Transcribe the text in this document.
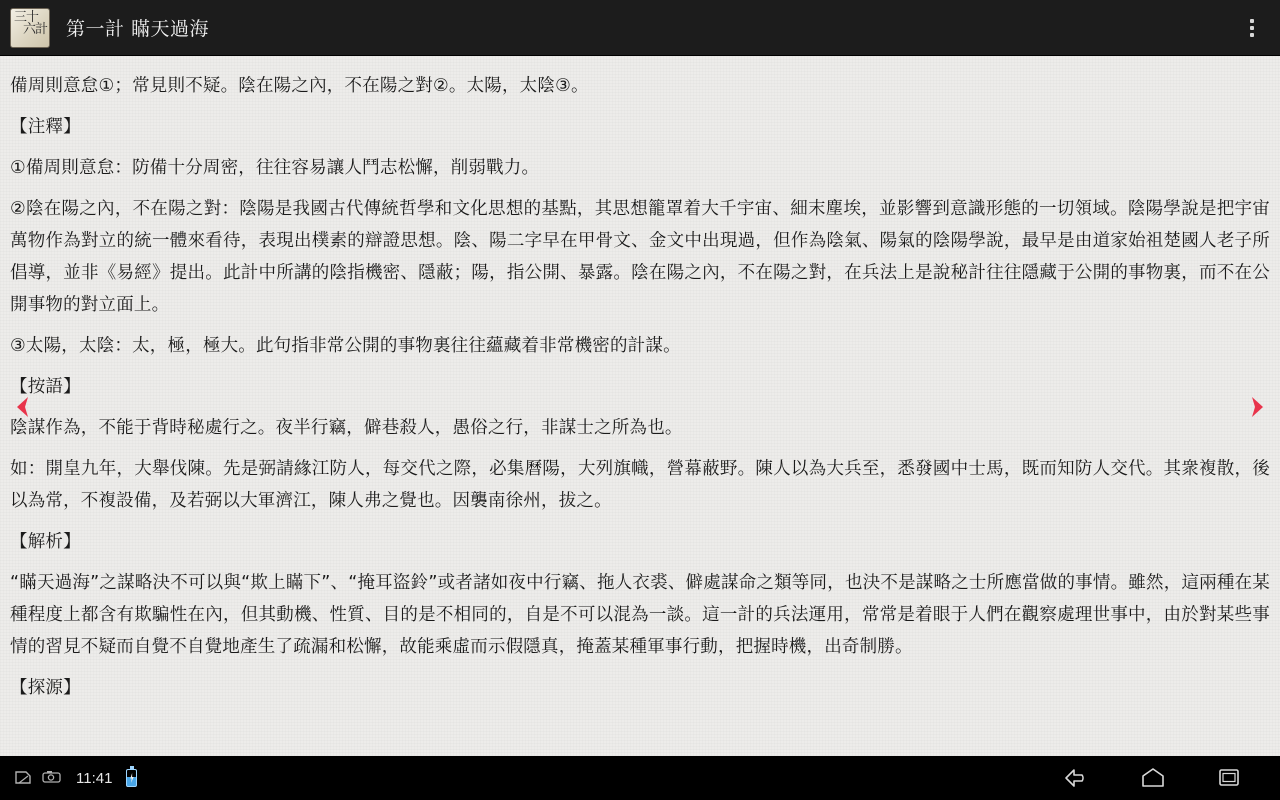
三十
六計 第一計 瞞天過海

備周則意怠①；常見則不疑。陰在陽之內，不在陽之對②。太陽，太陰③。

【注釋】

①備周則意怠：防備十分周密，往往容易讓人鬥志松懈，削弱戰力。

②陰在陽之內，不在陽之對：陰陽是我國古代傳統哲學和文化思想的基點，其思想籠罩着大千宇宙、細末塵埃，並影響到意識形態的一切領域。陰陽學說是把宇宙萬物作為對立的統一體來看待，表現出樸素的辯證思想。陰、陽二字早在甲骨文、金文中出現過，但作為陰氣、陽氣的陰陽學說，最早是由道家始祖楚國人老子所倡導，並非《易經》提出。此計中所講的陰指機密、隱蔽；陽，指公開、暴露。陰在陽之內，不在陽之對，在兵法上是說秘計往往隱藏于公開的事物裏，而不在公開事物的對立面上。

③太陽，太陰：太，極，極大。此句指非常公開的事物裏往往蘊藏着非常機密的計謀。

【按語】

陰謀作為，不能于背時秘處行之。夜半行竊，僻巷殺人，愚俗之行，非謀士之所為也。

如：開皇九年，大舉伐陳。先是弼請緣江防人，每交代之際，必集曆陽，大列旗幟，營幕蔽野。陳人以為大兵至，悉發國中士馬，既而知防人交代。其衆複散，後以為常，不複設備，及若弼以大軍濟江，陳人弗之覺也。因襲南徐州，拔之。

【解析】

“瞞天過海”之謀略決不可以與“欺上瞞下”、“掩耳盜鈴”或者諸如夜中行竊、拖人衣裘、僻處謀命之類等同，也決不是謀略之士所應當做的事情。雖然，這兩種在某種程度上都含有欺騙性在內，但其動機、性質、目的是不相同的，自是不可以混為一談。這一計的兵法運用，常常是着眼于人們在觀察處理世事中，由於對某些事情的習見不疑而自覺不自覺地產生了疏漏和松懈，故能乘虛而示假隱真，掩蓋某種軍事行動，把握時機，出奇制勝。

【探源】

11:41
